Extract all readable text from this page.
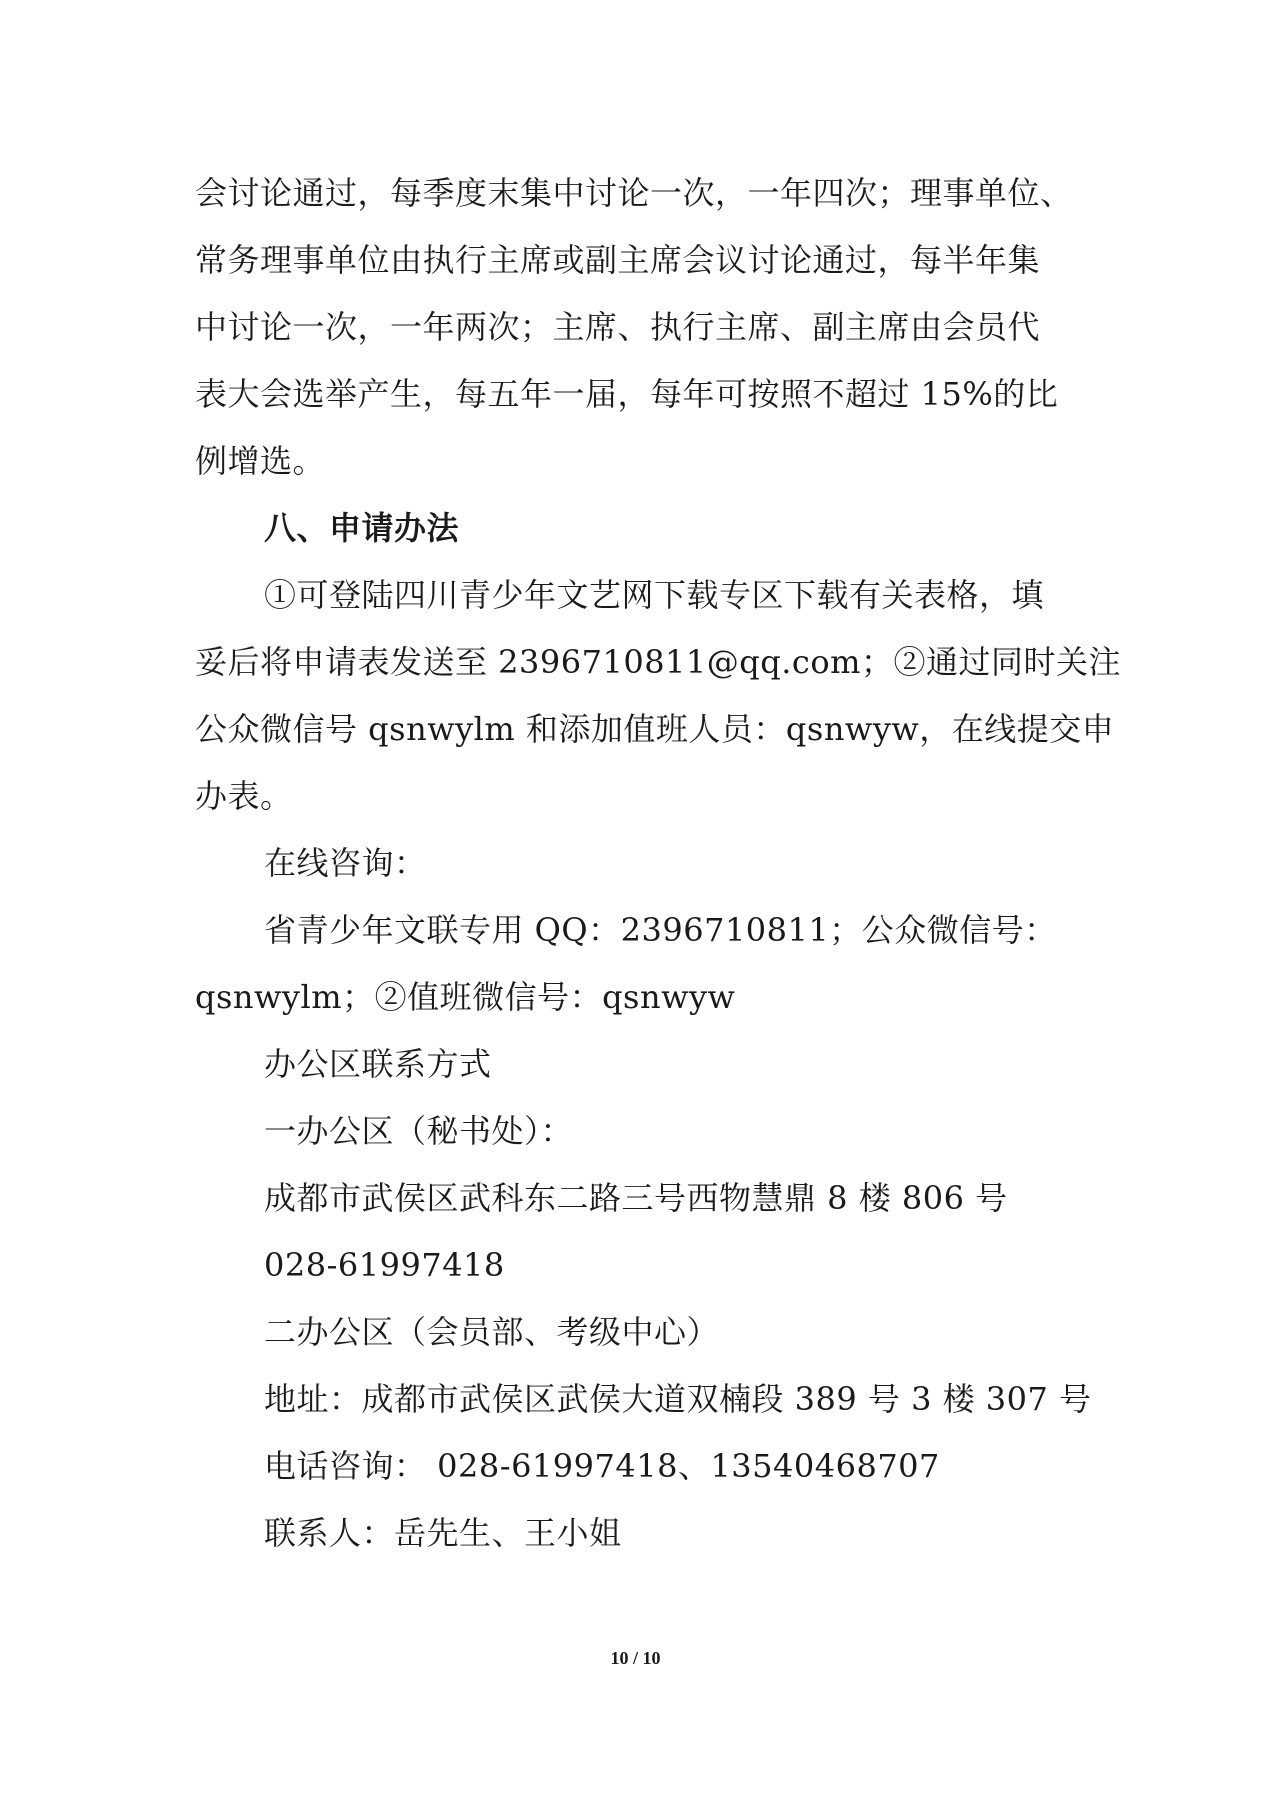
会讨论通过，每季度末集中讨论一次，一年四次；理事单位、

常务理事单位由执行主席或副主席会议讨论通过，每半年集

中讨论一次，一年两次；主席、执行主席、副主席由会员代

表大会选举产生，每五年一届，每年可按照不超过 15%的比

例增选。

八、申请办法

①可登陆四川青少年文艺网下载专区下载有关表格，填

妥后将申请表发送至 2396710811@qq.com；②通过同时关注

公众微信号 qsnwylm 和添加值班人员：qsnwyw，在线提交申

办表。

在线咨询：

省青少年文联专用 QQ：2396710811；公众微信号：

qsnwylm；②值班微信号：qsnwyw

办公区联系方式

一办公区（秘书处）：

成都市武侯区武科东二路三号西物慧鼎 8 楼 806 号

028-61997418

二办公区（会员部、考级中心）

地址：成都市武侯区武侯大道双楠段 389 号 3 楼 307 号

电话咨询： 028-61997418、13540468707

联系人：岳先生、王小姐

10 / 10
